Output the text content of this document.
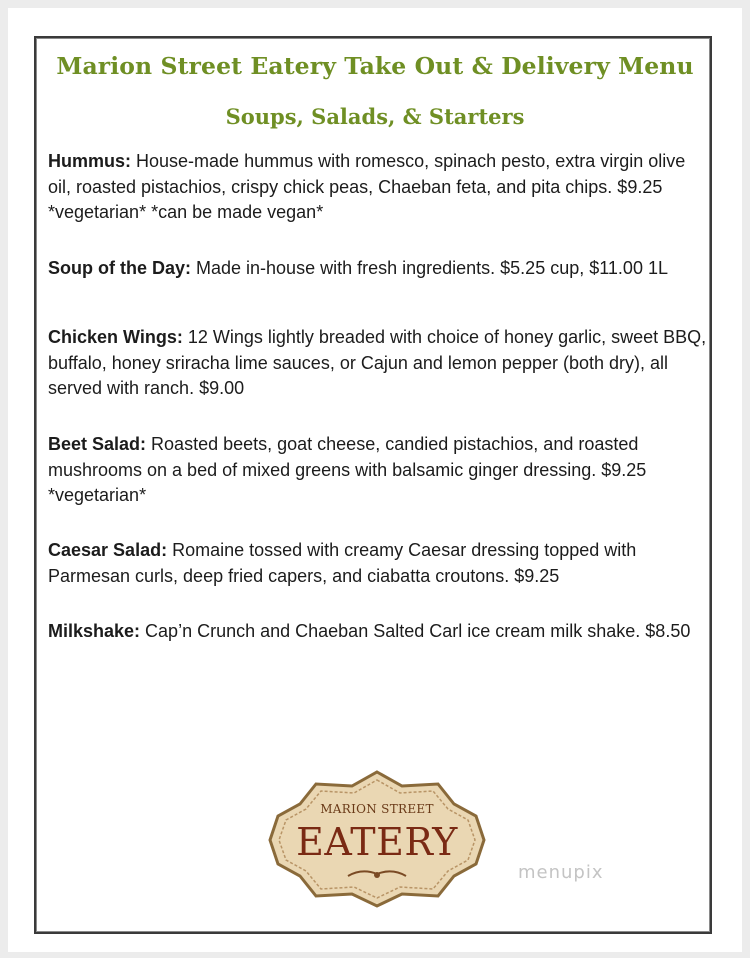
Marion Street Eatery Take Out & Delivery Menu
Soups, Salads, & Starters
Hummus: House-made hummus with romesco, spinach pesto, extra virgin olive oil, roasted pistachios, crispy chick peas, Chaeban feta, and pita chips. $9.25 *vegetarian* *can be made vegan*
Soup of the Day: Made in-house with fresh ingredients. $5.25 cup, $11.00 1L
Chicken Wings: 12 Wings lightly breaded with choice of honey garlic, sweet BBQ, buffalo, honey sriracha lime sauces, or Cajun and lemon pepper (both dry), all served with ranch. $9.00
Beet Salad: Roasted beets, goat cheese, candied pistachios, and roasted mushrooms on a bed of mixed greens with balsamic ginger dressing. $9.25 *vegetarian*
Caesar Salad: Romaine tossed with creamy Caesar dressing topped with Parmesan curls, deep fried capers, and ciabatta croutons. $9.25
Milkshake: Cap’n Crunch and Chaeban Salted Carl ice cream milk shake. $8.50
MARION STREET
EATERY
menupix
